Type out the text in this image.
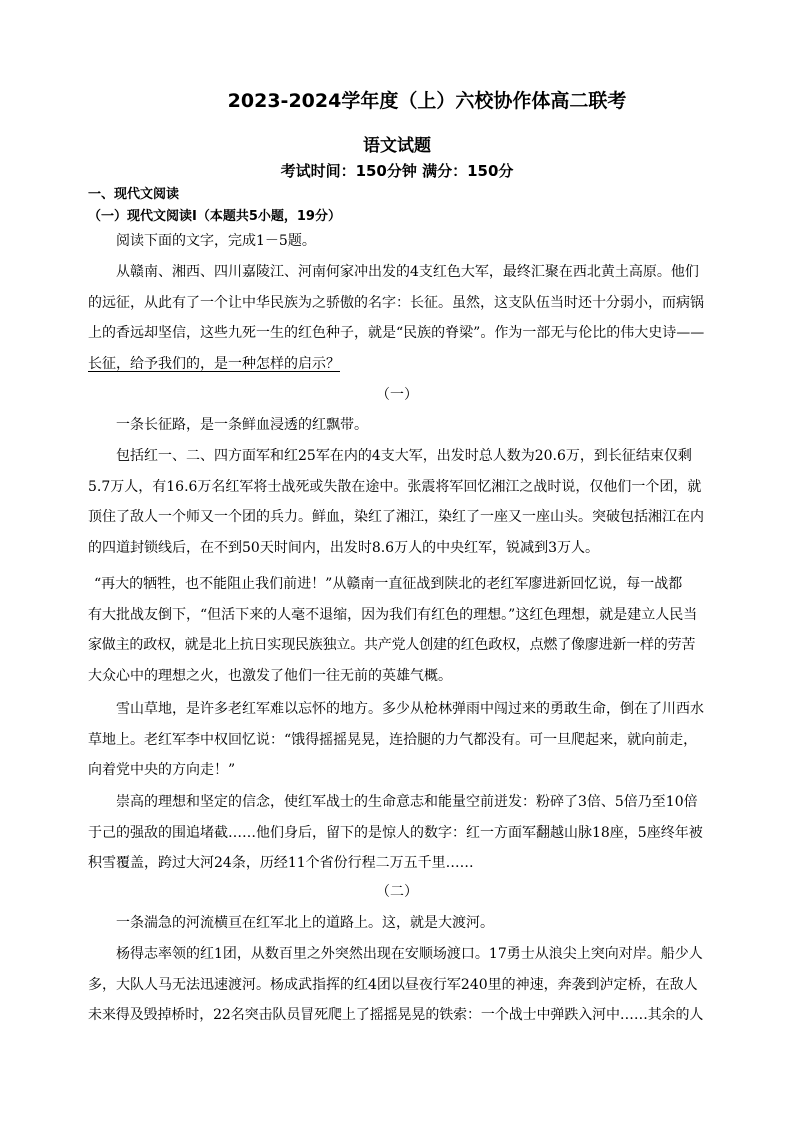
2023-2024学年度（上）六校协作体高二联考
语文试题
考试时间：150分钟 满分：150分
一、现代文阅读
（一）现代文阅读Ⅰ（本题共5小题，19分）

阅读下面的文字，完成1－5题。

从赣南、湘西、四川嘉陵江、河南何家冲出发的4支红色大军，最终汇聚在西北黄土高原。他们
的远征，从此有了一个让中华民族为之骄傲的名字：长征。虽然，这支队伍当时还十分弱小，而病锅
上的香远却坚信，这些九死一生的红色种子，就是“民族的脊梁”。作为一部无与伦比的伟大史诗——
长征，给予我们的，是一种怎样的启示？
（一）
一条长征路，是一条鲜血浸透的红飘带。
包括红一、二、四方面军和红25军在内的4支大军，出发时总人数为20.6万，到长征结束仅剩
5.7万人，有16.6万名红军将士战死或失散在途中。张震将军回忆湘江之战时说，仅他们一个团，就
顶住了敌人一个师又一个团的兵力。鲜血，染红了湘江，染红了一座又一座山头。突破包括湘江在内
的四道封锁线后，在不到50天时间内，出发时8.6万人的中央红军，锐减到3万人。
“再大的牺牲，也不能阻止我们前进！”从赣南一直征战到陕北的老红军廖进新回忆说，每一战都
有大批战友倒下，“但活下来的人毫不退缩，因为我们有红色的理想。”这红色理想，就是建立人民当
家做主的政权，就是北上抗日实现民族独立。共产党人创建的红色政权，点燃了像廖进新一样的劳苦
大众心中的理想之火，也激发了他们一往无前的英雄气概。
雪山草地，是许多老红军难以忘怀的地方。多少从枪林弹雨中闯过来的勇敢生命，倒在了川西水
草地上。老红军李中权回忆说：“饿得摇摇晃晃，连拾腿的力气都没有。可一旦爬起来，就向前走，
向着党中央的方向走！”
崇高的理想和坚定的信念，使红军战士的生命意志和能量空前迸发：粉碎了3倍、5倍乃至10倍
于己的强敌的围追堵截……他们身后，留下的是惊人的数字：红一方面军翻越山脉18座，5座终年被
积雪覆盖，跨过大河24条，历经11个省份行程二万五千里……
（二）
一条湍急的河流横亘在红军北上的道路上。这，就是大渡河。
杨得志率领的红1团，从数百里之外突然出现在安顺场渡口。17勇士从浪尖上突向对岸。船少人
多，大队人马无法迅速渡河。杨成武指挥的红4团以昼夜行军240里的神速，奔袭到泸定桥，在敌人
未来得及毁掉桥时，22名突击队员冒死爬上了摇摇晃晃的铁索：一个战士中弹跌入河中……其余的人
